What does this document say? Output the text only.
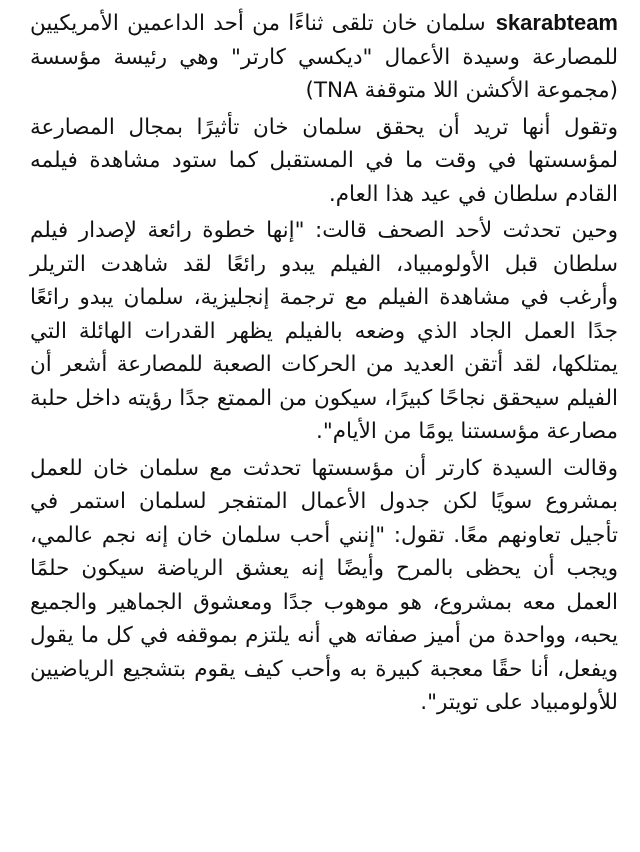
skarabteamسلمان خان تلقى ثناءًا من أحد الداعمين الأمريكيين للمصارعة وسيدة الأعمال "ديكسي كارتر" وهي رئيسة مؤسسة (مجموعة الأكشن اللا متوقفة TNA)

وتقول أنها تريد أن يحقق سلمان خان تأثيرًا بمجال المصارعة لمؤسستها في وقت ما في المستقبل كما ستود مشاهدة فيلمه القادم سلطان في عيد هذا العام.

وحين تحدثت لأحد الصحف قالت: "إنها خطوة رائعة لإصدار فيلم سلطان قبل الأولومبياد، الفيلم يبدو رائعًا لقد شاهدت التريلر وأرغب في مشاهدة الفيلم مع ترجمة إنجليزية، سلمان يبدو رائعًا جدًا العمل الجاد الذي وضعه بالفيلم يظهر القدرات الهائلة التي يمتلكها، لقد أتقن العديد من الحركات الصعبة للمصارعة أشعر أن الفيلم سيحقق نجاحًا كبيرًا، سيكون من الممتع جدًا رؤيته داخل حلبة مصارعة مؤسستنا يومًا من الأيام".

وقالت السيدة كارتر أن مؤسستها تحدثت مع سلمان خان للعمل بمشروع سويًا لكن جدول الأعمال المتفجر لسلمان استمر في تأجيل تعاونهم معًا. تقول: "إنني أحب سلمان خان إنه نجم عالمي، ويجب أن يحظى بالمرح وأيضًا إنه يعشق الرياضة سيكون حلمًا العمل معه بمشروع، هو موهوب جدًا ومعشوق الجماهير والجميع يحبه، وواحدة من أميز صفاته هي أنه يلتزم بموقفه في كل ما يقول ويفعل، أنا حقًا معجبة كبيرة به وأحب كيف يقوم بتشجيع الرياضيين للأولومبياد على تويتر".
